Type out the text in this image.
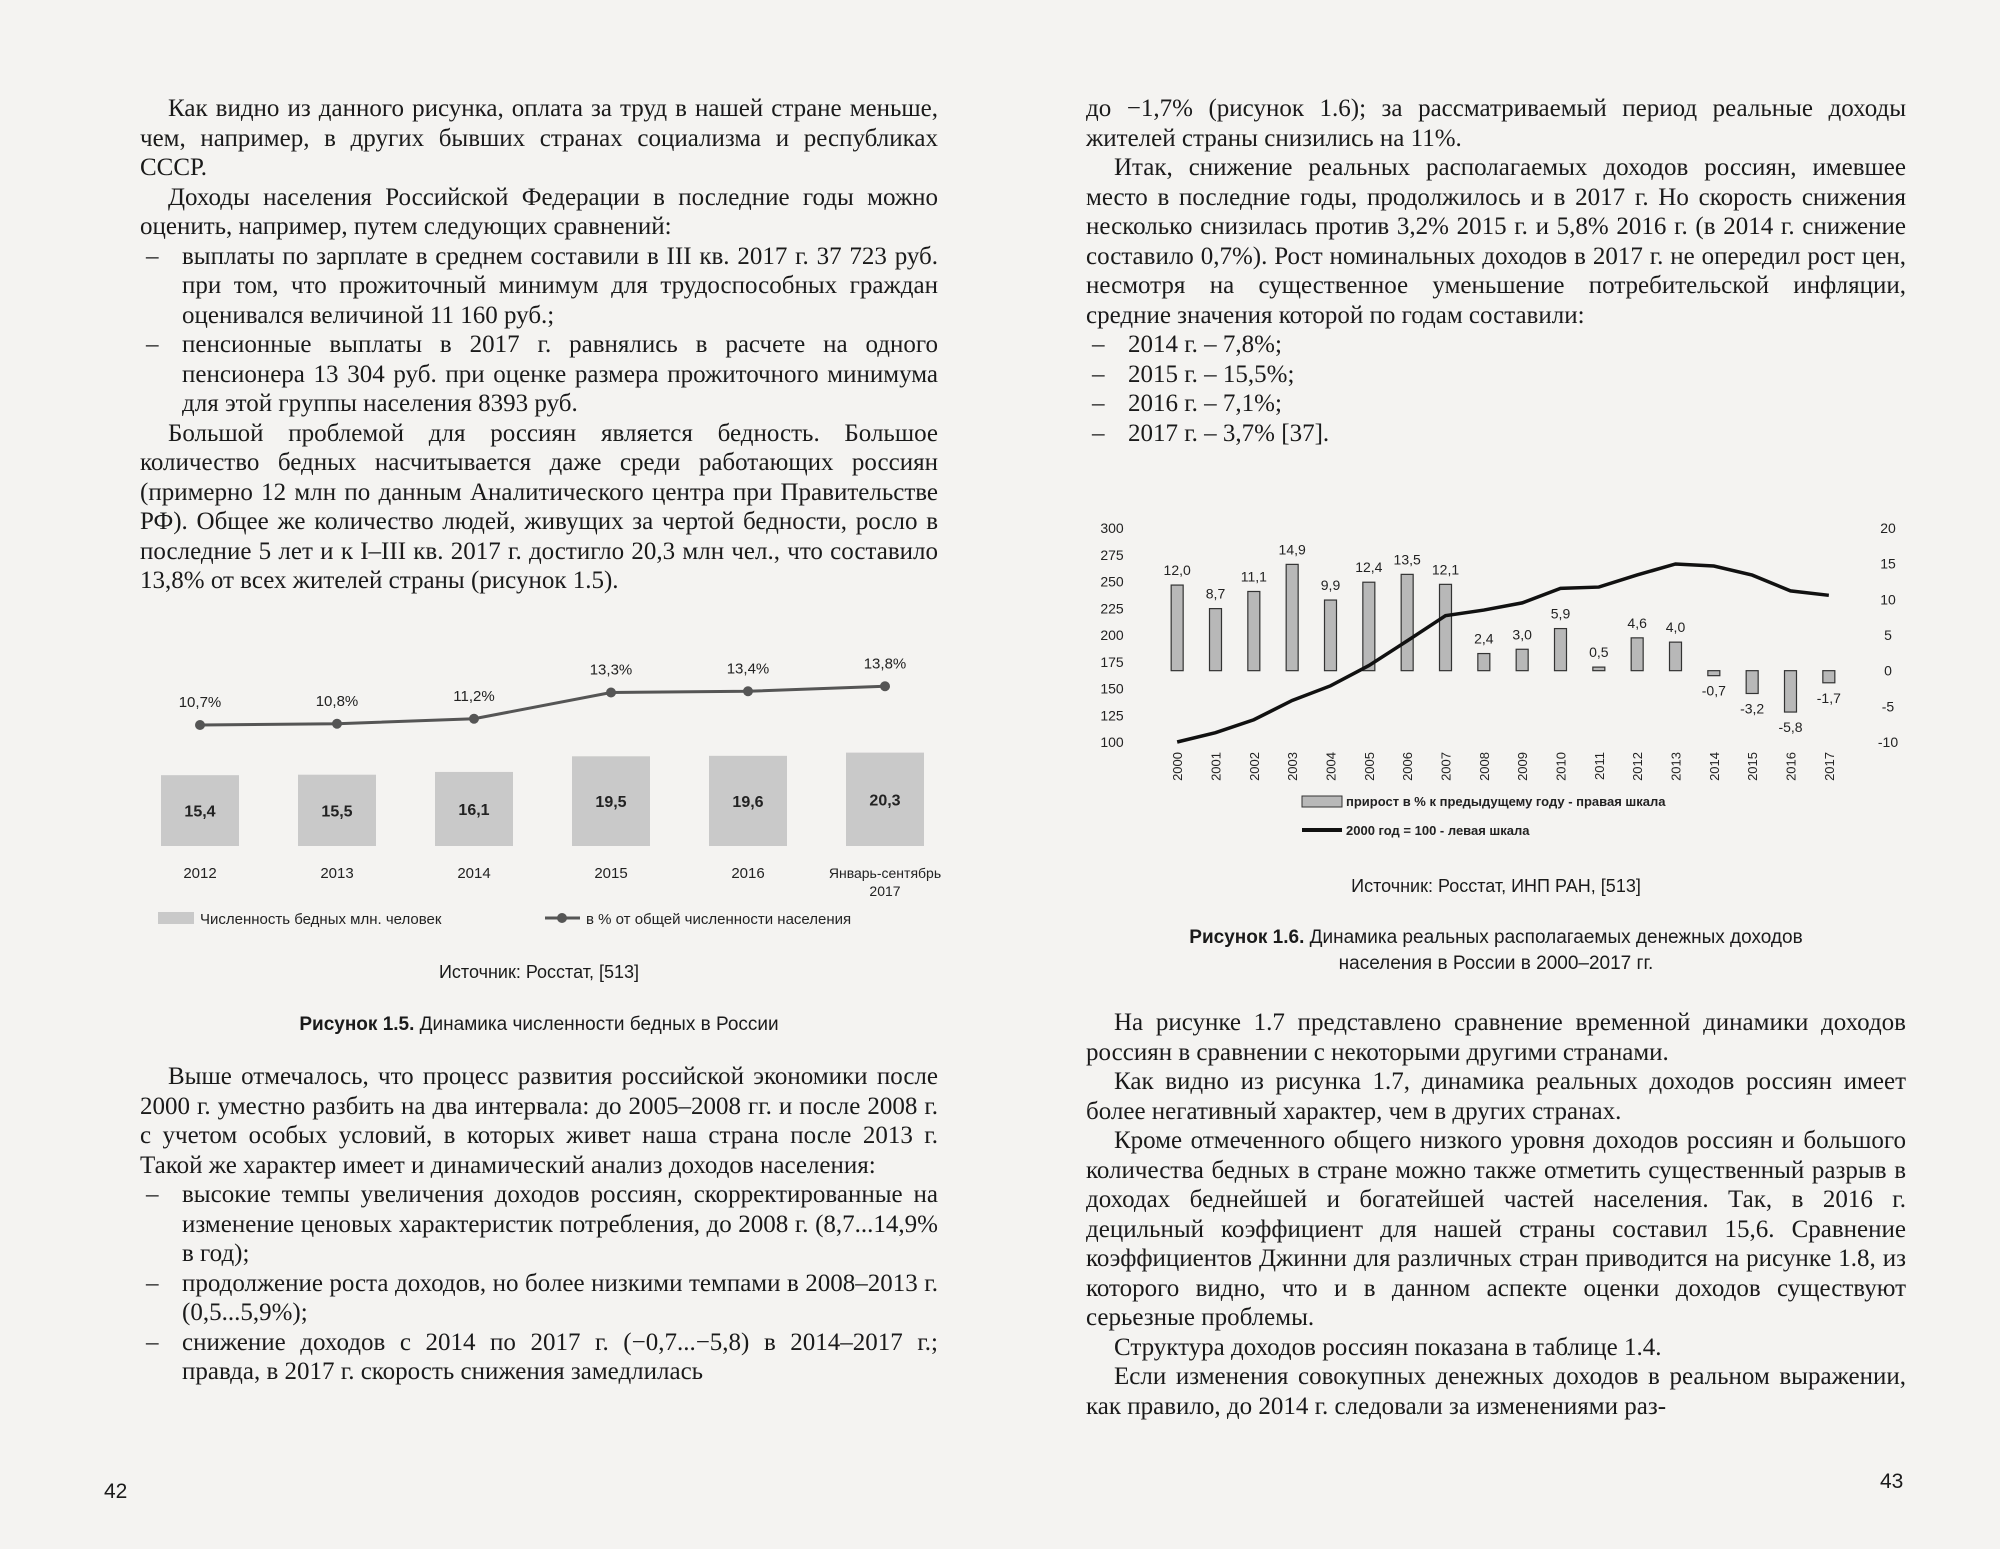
Как видно из данного рисунка, оплата за труд в нашей стране меньше, чем, например, в других бывших странах социализма и республиках СССР.

Доходы населения Российской Федерации в последние годы можно оценить, например, путем следующих сравнений:

– выплаты по зарплате в среднем составили в III кв. 2017 г. 37 723 руб. при том, что прожиточный минимум для трудоспособных граждан оценивался величиной 11 160 руб.;

– пенсионные выплаты в 2017 г. равнялись в расчете на одного пенсионера 13 304 руб. при оценке размера прожиточного минимума для этой группы населения 8393 руб.

Большой проблемой для россиян является бедность. Большое количество бедных насчитывается даже среди работающих россиян (примерно 12 млн по данным Аналитического центра при Правительстве РФ). Общее же количество людей, живущих за чертой бедности, росло в последние 5 лет и к I–III кв. 2017 г. достигло 20,3 млн чел., что составило 13,8% от всех жителей страны (рисунок 1.5).

15,4
10,7%
15,5
10,8%
16,1
11,2%
19,5
13,3%
19,6
13,4%
20,3
13,8%
2012	2013	2014	2015	2016	Январь-сентябрь
2017
Численность бедных млн. человек	в % от общей численности населения
Источник: Росстат, [513]
Рисунок 1.5. Динамика численности бедных в России

Выше отмечалось, что процесс развития российской экономики после 2000 г. уместно разбить на два интервала: до 2005–2008 гг. и после 2008 г. с учетом особых условий, в которых живет наша страна после 2013 г. Такой же характер имеет и динамический анализ доходов населения:

– высокие темпы увеличения доходов россиян, скорректированные на изменение ценовых характеристик потребления, до 2008 г. (8,7...14,9% в год);

– продолжение роста доходов, но более низкими темпами в 2008–2013 г. (0,5...5,9%);

– снижение доходов с 2014 по 2017 г. (−0,7...−5,8) в 2014–2017 г.; правда, в 2017 г. скорость снижения замедлилась

42

до −1,7% (рисунок 1.6); за рассматриваемый период реальные доходы жителей страны снизились на 11%.

Итак, снижение реальных располагаемых доходов россиян, имевшее место в последние годы, продолжилось и в 2017 г. Но скорость снижения несколько снизилась против 3,2% 2015 г. и 5,8% 2016 г. (в 2014 г. снижение составило 0,7%). Рост номинальных доходов в 2017 г. не опередил рост цен, несмотря на существенное уменьшение потребительской инфляции, средние значения которой по годам составили:

– 2014 г. – 7,8%;

– 2015 г. – 15,5%;

– 2016 г. – 7,1%;

– 2017 г. – 3,7% [37].

100
125
150
175
200
225
250
275
300
-10
-5
0
5
10
15
20
12,0
2000
8,7
2001
11,1
2002
14,9
2003
9,9
2004
12,4
2005
13,5
2006
12,1
2007
2,4
2008
3,0
2009
5,9
2010
0,5
2011
4,6
2012
4,0
2013
-0,7
2014
-3,2
2015
-5,8
2016
-1,7
2017
прирост в % к предыдущему году - правая шкала
2000 год = 100 - левая шкала
Источник: Росстат, ИНП РАН, [513]
Рисунок 1.6. Динамика реальных располагаемых денежных доходов населения в России в 2000–2017 гг.

На рисунке 1.7 представлено сравнение временной динамики доходов россиян в сравнении с некоторыми другими странами.

Как видно из рисунка 1.7, динамика реальных доходов россиян имеет более негативный характер, чем в других странах.

Кроме отмеченного общего низкого уровня доходов россиян и большого количества бедных в стране можно также отметить существенный разрыв в доходах беднейшей и богатейшей частей населения. Так, в 2016 г. децильный коэффициент для нашей страны составил 15,6. Сравнение коэффициентов Джинни для различных стран приводится на рисунке 1.8, из которого видно, что и в данном аспекте оценки доходов существуют серьезные проблемы.

Структура доходов россиян показана в таблице 1.4.

Если изменения совокупных денежных доходов в реальном выражении, как правило, до 2014 г. следовали за изменениями раз-

43
